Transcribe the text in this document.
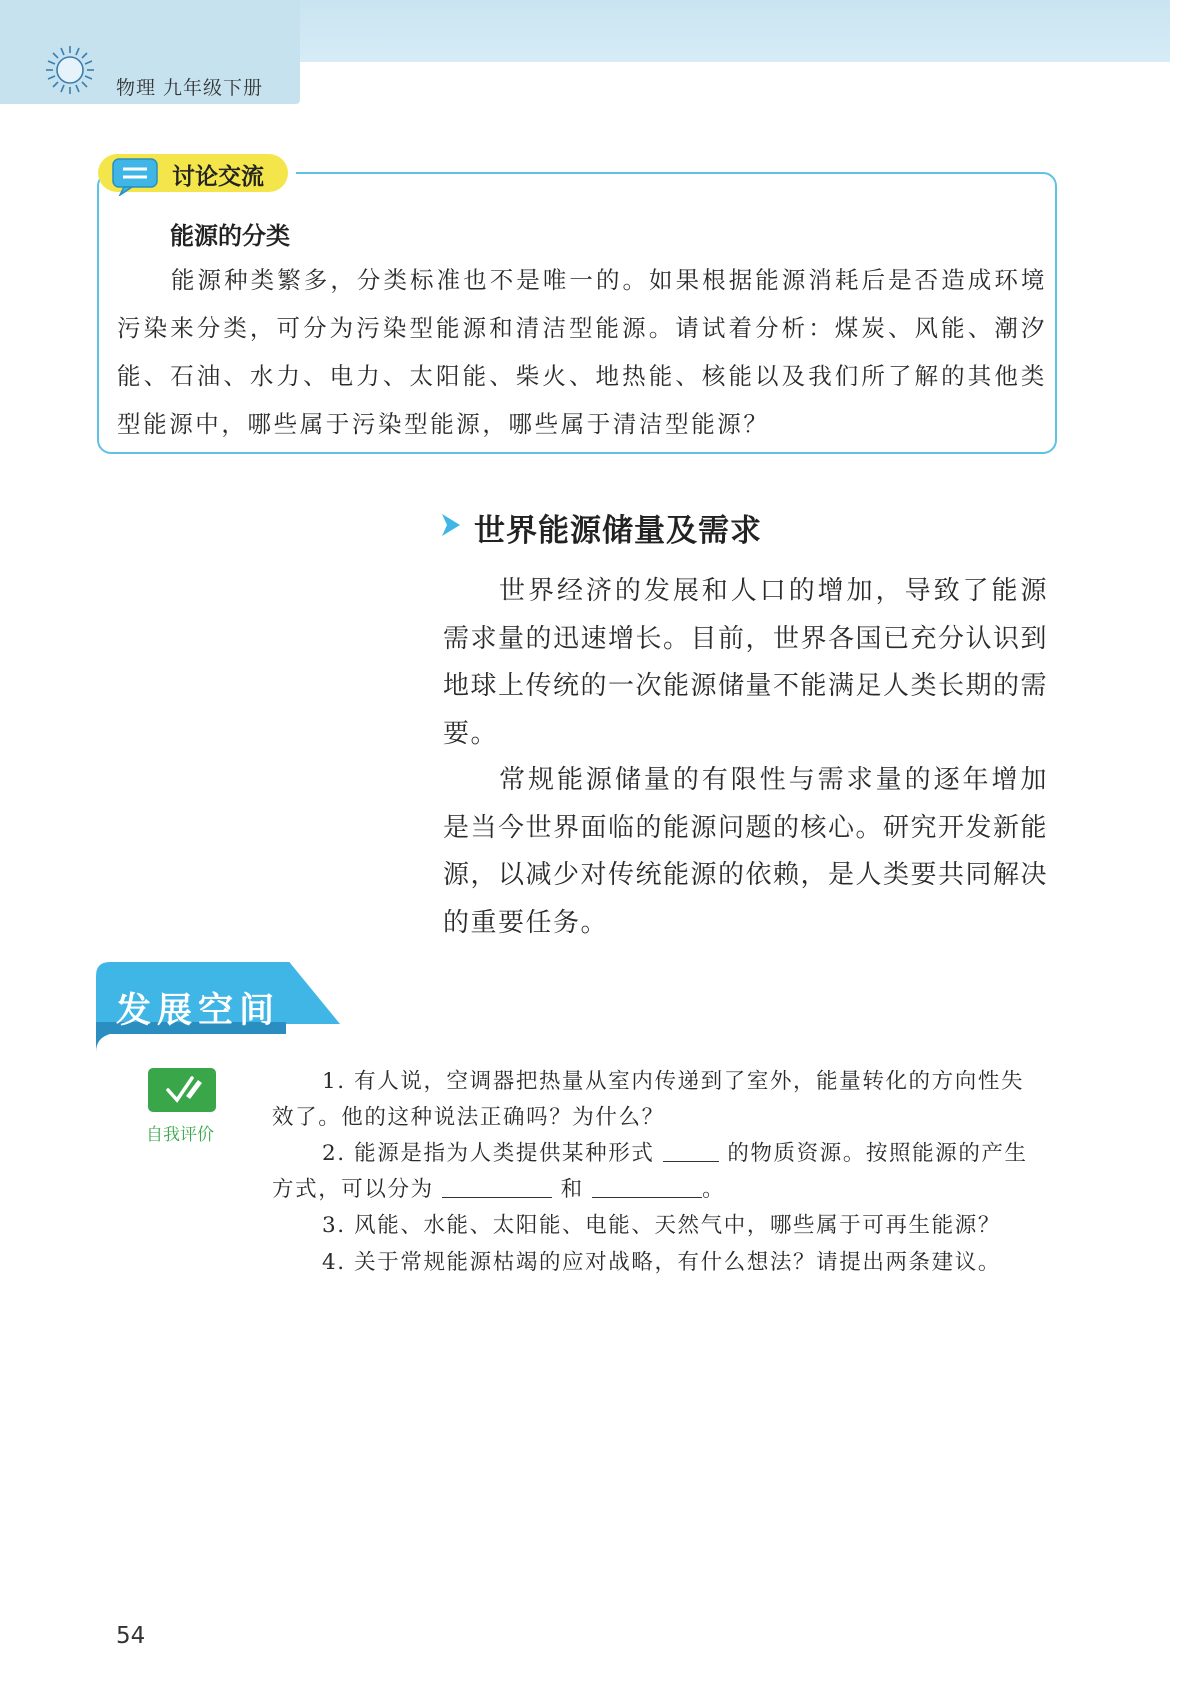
物理 九年级下册
讨论交流
能源的分类

能源种类繁多，分类标准也不是唯一的。如果根据能源消耗后是否造成环境污染来分类，可分为污染型能源和清洁型能源。请试着分析：煤炭、风能、潮汐能、石油、水力、电力、太阳能、柴火、地热能、核能以及我们所了解的其他类型能源中，哪些属于污染型能源，哪些属于清洁型能源？

世界能源储量及需求

世界经济的发展和人口的增加，导致了能源需求量的迅速增长。目前，世界各国已充分认识到地球上传统的一次能源储量不能满足人类长期的需要。

常规能源储量的有限性与需求量的逐年增加是当今世界面临的能源问题的核心。研究开发新能源，以减少对传统能源的依赖，是人类要共同解决的重要任务。

发展空间
自我评价

1. 有人说，空调器把热量从室内传递到了室外，能量转化的方向性失

效了。他的这种说法正确吗？为什么？

2. 能源是指为人类提供某种形式	的物质资源。按照能源的产生

方式，可以分为	和	。

3. 风能、水能、太阳能、电能、天然气中，哪些属于可再生能源？

4. 关于常规能源枯竭的应对战略，有什么想法？请提出两条建议。

54
